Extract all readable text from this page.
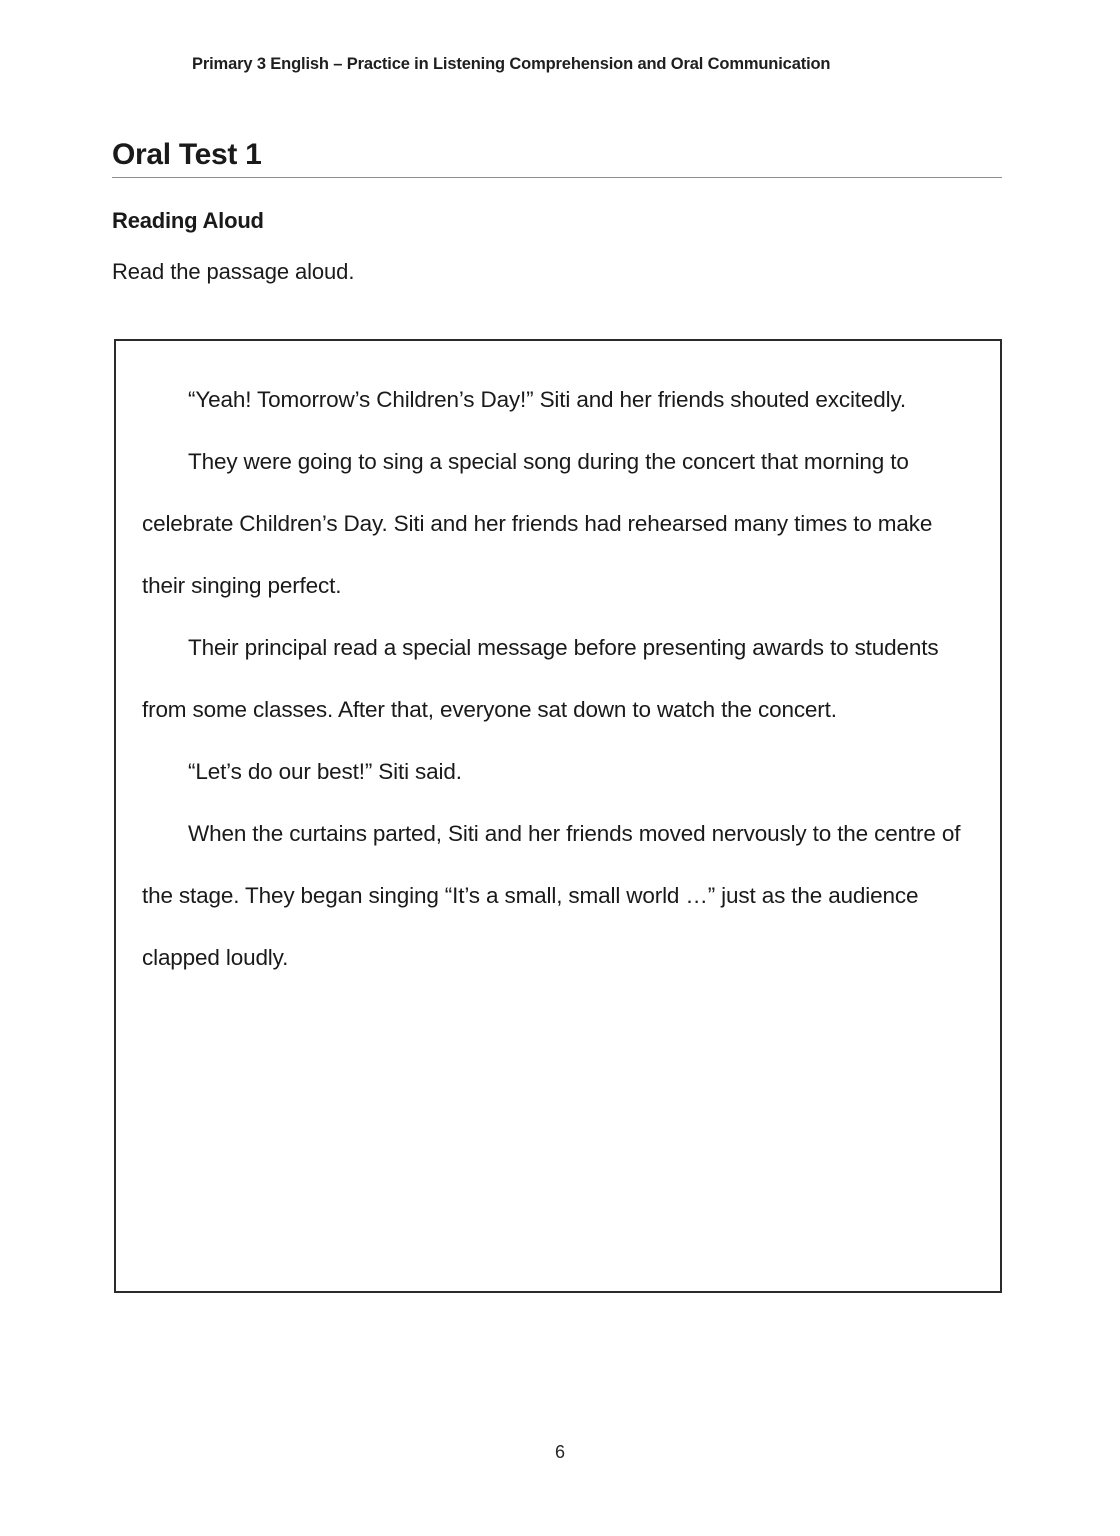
Primary 3 English – Practice in Listening Comprehension and Oral Communication
Oral Test 1
Reading Aloud
Read the passage aloud.

“Yeah! Tomorrow’s Children’s Day!” Siti and her friends shouted excitedly.

They were going to sing a special song during the concert that morning to celebrate Children’s Day. Siti and her friends had rehearsed many times to make their singing perfect.

Their principal read a special message before presenting awards to students from some classes. After that, everyone sat down to watch the concert.

“Let’s do our best!” Siti said.

When the curtains parted, Siti and her friends moved nervously to the centre of the stage. They began singing “It’s a small, small world …” just as the audience clapped loudly.

6
